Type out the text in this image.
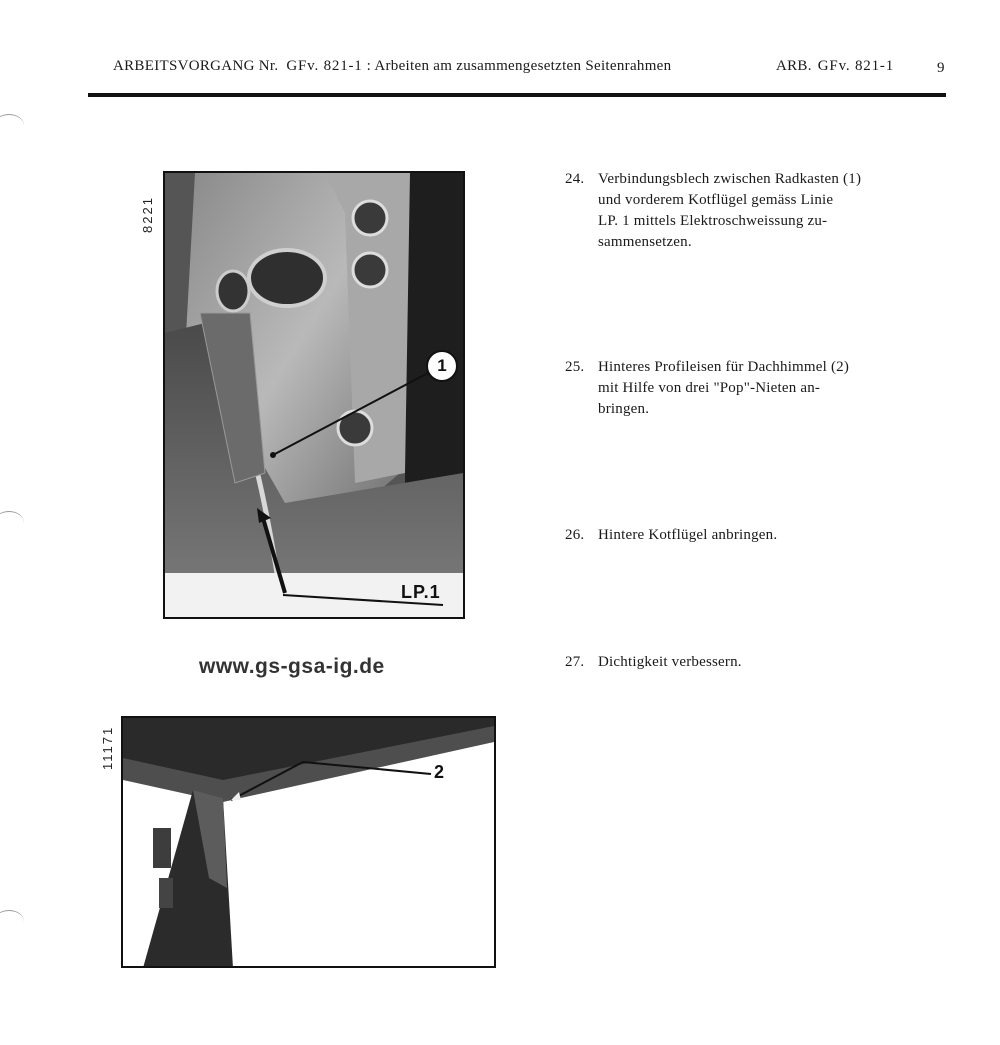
ARBEITSVORGANG Nr. GFv. 821-1 : Arbeiten am zusammengesetzten Seitenrahmen	ARB. GFv. 821-1	9
8221
1
LP.1
www.gs-gsa-ig.de
11171
2
24. Verbindungsblech zwischen Radkasten (1)
und vorderem Kotflügel gemäss Linie
LP. 1 mittels Elektroschweissung zu-
sammensetzen.
25. Hinteres Profileisen für Dachhimmel (2)
mit Hilfe von drei "Pop"-Nieten an-
bringen.
26. Hintere Kotflügel anbringen.
27. Dichtigkeit verbessern.
